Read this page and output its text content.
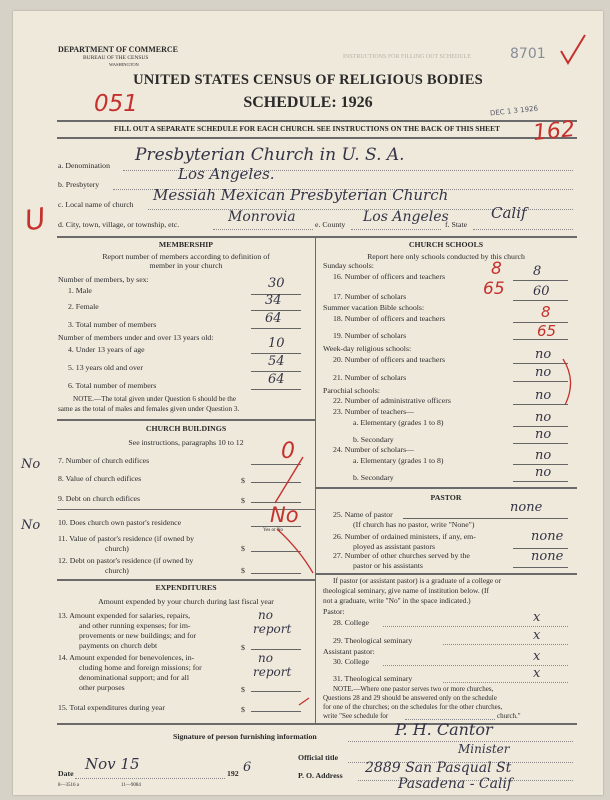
DEPARTMENT OF COMMERCE
BUREAU OF THE CENSUS
WASHINGTON
INSTRUCTIONS FOR FILLING OUT SCHEDULE	8701
UNITED STATES CENSUS OF RELIGIOUS BODIES
SCHEDULE: 1926
051	DEC 1 3 1926
FILL OUT A SEPARATE SCHEDULE FOR EACH CHURCH. SEE INSTRUCTIONS ON THE BACK OF THIS SHEET	162
a. Denomination
Presbyterian Church in U. S. A.
b. Presbytery
Los Angeles.
c. Local name of church
Messiah Mexican Presbyterian Church
U d. City, town, village, or township, etc.	Monrovia e. County Los Angeles
f. State
Calif
MEMBERSHIP
Report number of members according to definition of
member in your church
Number of members, by sex:
1. Male	30
2. Female	34
3. Total number of members	64
Number of members under and over 13 years old:
4. Under 13 years of age	10
5. 13 years old and over	54
6. Total number of members	64
NOTE.—The total given under Question 6 should be the
same as the total of males and females given under Question 3.
CHURCH BUILDINGS
See instructions, paragraphs 10 to 12
No 7. Number of church edifices	0
8. Value of church edifices	$
9. Debt on church edifices	$
No 10. Does church own pastor's residence	No
Yes or No
11. Value of pastor's residence (if owned by
church)	$
12. Debt on pastor's residence (if owned by
church)	$
EXPENDITURES
Amount expended by your church during last fiscal year
13. Amount expended for salaries, repairs,
and other running expenses; for im-
provements or new buildings; and for
payments on church debt	$
no
report
14. Amount expended for benevolences, in-
cluding home and foreign missions; for
denominational support; and for all
other purposes	$
no
report
15. Total expenditures during year	$
CHURCH SCHOOLS
Report here only schools conducted by this church
Sunday schools:
16. Number of officers and teachers	8
8
17. Number of scholars	60
65
Summer vacation Bible schools:
18. Number of officers and teachers	8
19. Number of scholars	65
Week-day religious schools:
20. Number of officers and teachers	no
21. Number of scholars	no
Parochial schools:
22. Number of administrative officers	no
23. Number of teachers—
a. Elementary (grades 1 to 8)	no
b. Secondary	no
24. Number of scholars—
a. Elementary (grades 1 to 8)	no
b. Secondary	no
PASTOR
25. Name of pastor	none
(If church has no pastor, write "None")
26. Number of ordained ministers, if any, em-
ployed as assistant pastors
none
27. Number of other churches served by the
pastor or his assistants
none
If pastor (or assistant pastor) is a graduate of a college or
theological seminary, give name of institution below. (If
not a graduate, write "No" in the space indicated.)
Pastor:
28. College	x
29. Theological seminary	x
Assistant pastor:
30. College	x
31. Theological seminary	x
NOTE.—Where one pastor serves two or more churches,
Questions 28 and 29 should be answered only on the schedule
for one of the churches; on the schedules for the other churches,
write "See schedule for	church."
Signature of person furnishing information	P. H. Cantor
Official title
Minister
Date
Nov 15
192 6
P. O. Address 2889 San Pasqual St
Pasadena - Calif
8—3516 a	11—9084
